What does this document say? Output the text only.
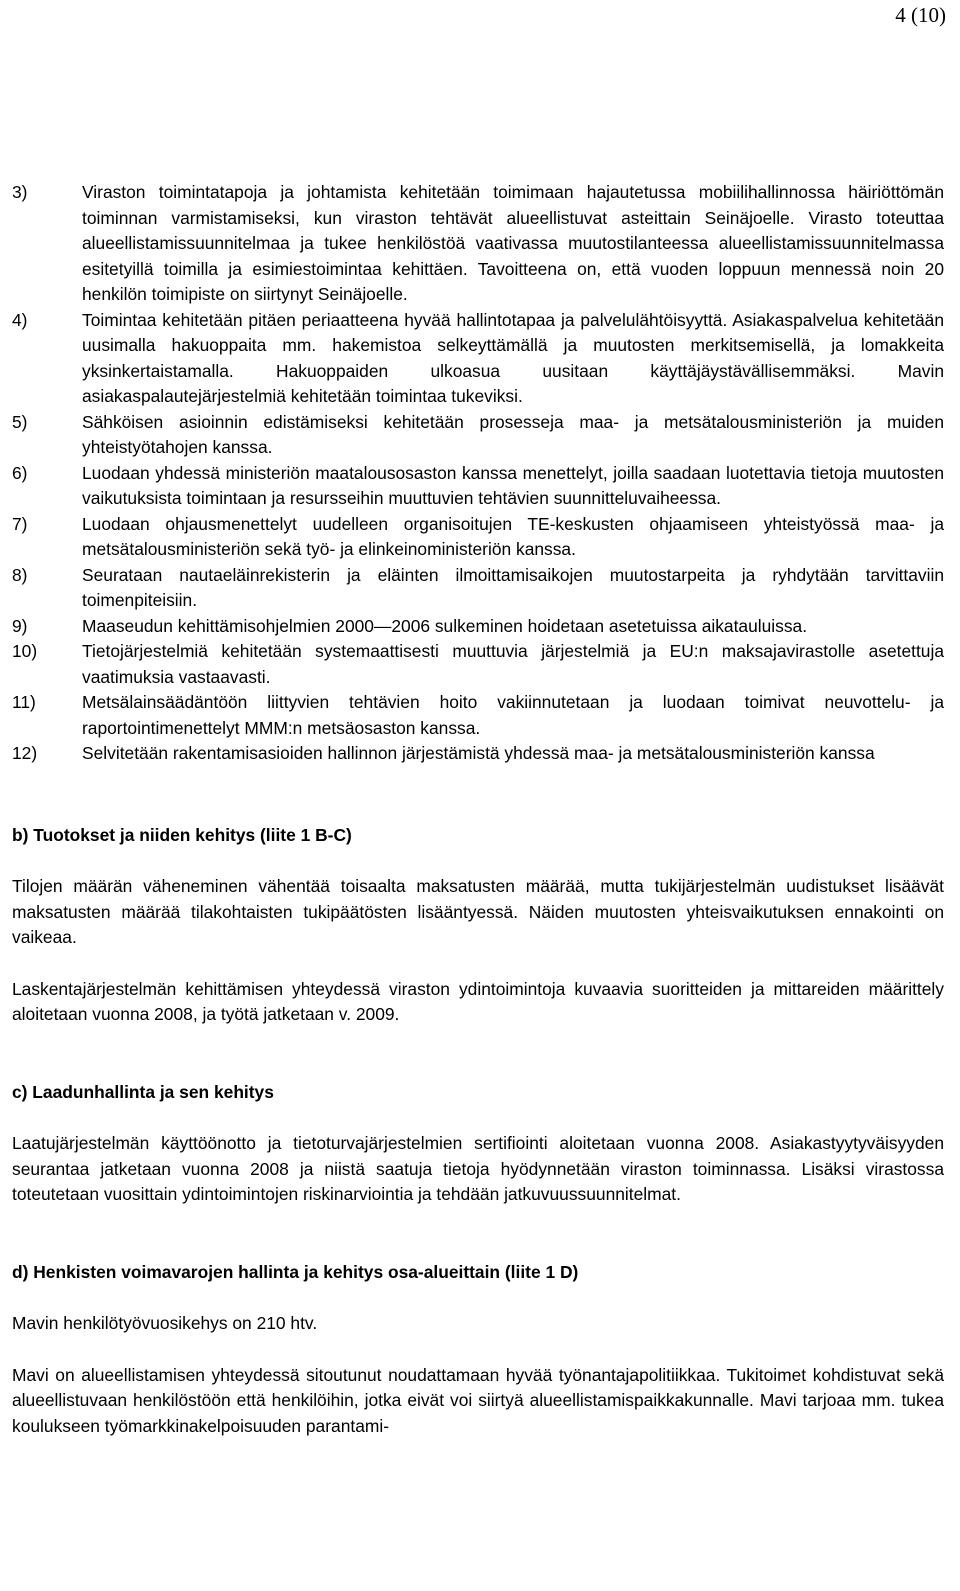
4 (10)
3)	Viraston toimintatapoja ja johtamista kehitetään toimimaan hajautetussa mobiilihallinnossa häiriöttömän toiminnan varmistamiseksi, kun viraston tehtävät alueellistuvat asteittain Seinäjoelle. Virasto toteuttaa alueellistamissuunnitelmaa ja tukee henkilöstöä vaativassa muutostilanteessa alueellistamissuunnitelmassa esitetyillä toimilla ja esimiestoimintaa kehittäen. Tavoitteena on, että vuoden loppuun mennessä noin 20 henkilön toimipiste on siirtynyt Seinäjoelle.
4)	Toimintaa kehitetään pitäen periaatteena hyvää hallintotapaa ja palvelulähtöisyyttä. Asiakaspalvelua kehitetään uusimalla hakuoppaita mm. hakemistoa selkeyttämällä ja muutosten merkitsemisellä, ja lomakkeita yksinkertaistamalla. Hakuoppaiden ulkoasua uusitaan käyttäjäystävällisemmäksi. Mavin asiakaspalautejärjestelmiä kehitetään toimintaa tukeviksi.
5)	Sähköisen asioinnin edistämiseksi kehitetään prosesseja maa- ja metsätalousministeriön ja muiden yhteistyötahojen kanssa.
6)	Luodaan yhdessä ministeriön maatalousosaston kanssa menettelyt, joilla saadaan luotettavia tietoja muutosten vaikutuksista toimintaan ja resursseihin muuttuvien tehtävien suunnitteluvaiheessa.
7)	Luodaan ohjausmenettelyt uudelleen organisoitujen TE-keskusten ohjaamiseen yhteistyössä maa- ja metsätalousministeriön sekä työ- ja elinkeinoministeriön kanssa.
8)	Seurataan nautaeläinrekisterin ja eläinten ilmoittamisaikojen muutostarpeita ja ryhdytään tarvittaviin toimenpiteisiin.
9)	Maaseudun kehittämisohjelmien 2000—2006 sulkeminen hoidetaan asetetuissa aikatauluissa.
10)	Tietojärjestelmiä kehitetään systemaattisesti muuttuvia järjestelmiä ja EU:n maksajavirastolle asetettuja vaatimuksia vastaavasti.
11)	Metsälainsäädäntöön liittyvien tehtävien hoito vakiinnutetaan ja luodaan toimivat neuvottelu- ja raportointimenettelyt MMM:n metsäosaston kanssa.
12)	Selvitetään rakentamisasioiden hallinnon järjestämistä yhdessä maa- ja metsätalousministeriön kanssa
b) Tuotokset ja niiden kehitys (liite 1 B-C)

Tilojen määrän väheneminen vähentää toisaalta maksatusten määrää, mutta tukijärjestelmän uudistukset lisäävät maksatusten määrää tilakohtaisten tukipäätösten lisääntyessä. Näiden muutosten yhteisvaikutuksen ennakointi on vaikeaa.

Laskentajärjestelmän kehittämisen yhteydessä viraston ydintoimintoja kuvaavia suoritteiden ja mittareiden määrittely aloitetaan vuonna 2008, ja työtä jatketaan v. 2009.

c) Laadunhallinta ja sen kehitys

Laatujärjestelmän käyttöönotto ja tietoturvajärjestelmien sertifiointi aloitetaan vuonna 2008. Asiakastyytyväisyyden seurantaa jatketaan vuonna 2008 ja niistä saatuja tietoja hyödynnetään viraston toiminnassa. Lisäksi virastossa toteutetaan vuosittain ydintoimintojen riskinarviointia ja tehdään jatkuvuussuunnitelmat.

d) Henkisten voimavarojen hallinta ja kehitys osa-alueittain (liite 1 D)

Mavin henkilötyövuosikehys on 210 htv.

Mavi on alueellistamisen yhteydessä sitoutunut noudattamaan hyvää työnantajapolitiikkaa. Tukitoimet kohdistuvat sekä alueellistuvaan henkilöstöön että henkilöihin, jotka eivät voi siirtyä alueellistamispaikkakunnalle. Mavi tarjoaa mm. tukea koulukseen työmarkkinakelpoisuuden parantami-
